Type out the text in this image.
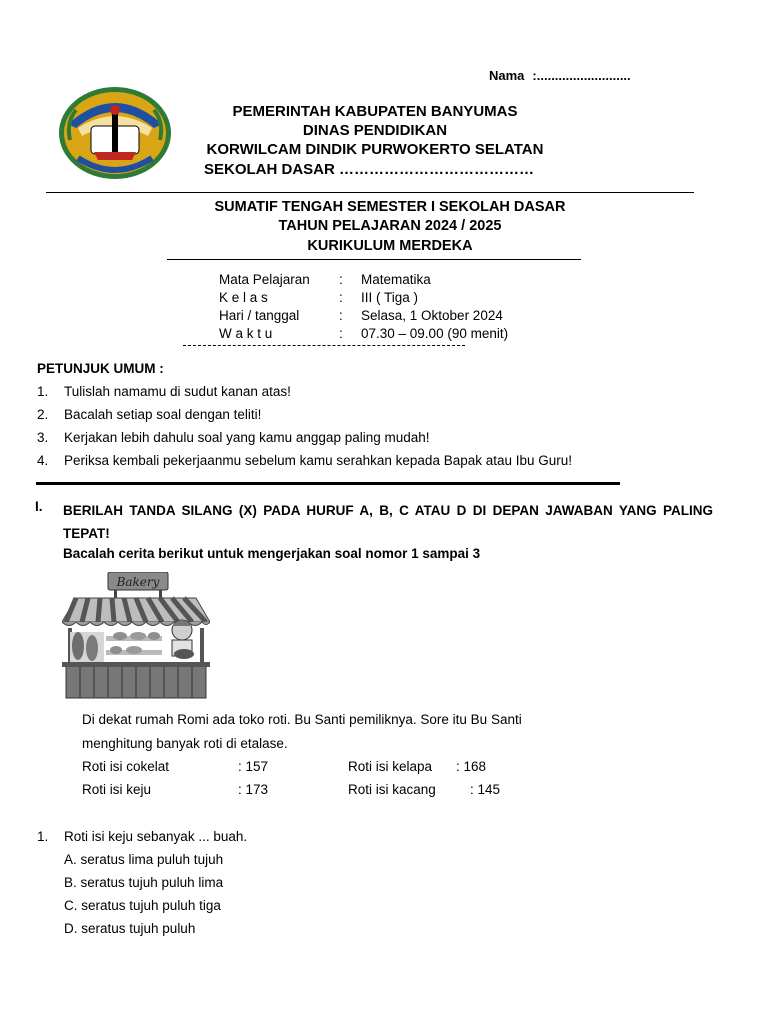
Nama :..........................
PEMERINTAH KABUPATEN BANYUMAS
DINAS PENDIDIKAN
KORWILCAM DINDIK PURWOKERTO SELATAN
SEKOLAH DASAR …………………………………
SUMATIF TENGAH SEMESTER I SEKOLAH DASAR
TAHUN PELAJARAN 2024 / 2025
KURIKULUM MERDEKA
Mata Pelajaran : Matematika
K e l a s	: III ( Tiga )
Hari / tanggal	: Selasa, 1 Oktober 2024
W a k t u	: 07.30 – 09.00 (90 menit)
PETUNJUK UMUM :
1. Tulislah namamu di sudut kanan atas!
2. Bacalah setiap soal dengan teliti!
3. Kerjakan lebih dahulu soal yang kamu anggap paling mudah!
4. Periksa kembali pekerjaanmu sebelum kamu serahkan kepada Bapak atau Ibu Guru!
I. BERILAH TANDA SILANG (X) PADA HURUF A, B, C ATAU D DI DEPAN JAWABAN YANG PALING TEPAT!
Bacalah cerita berikut untuk mengerjakan soal nomor 1 sampai 3
Bakery
Di dekat rumah Romi ada toko roti. Bu Santi pemiliknya. Sore itu Bu Santi
menghitung banyak roti di etalase.
Roti isi cokelat	: 157	Roti isi kelapa : 168
Roti isi keju	: 173	Roti isi kacang	: 145
1. Roti isi keju sebanyak ... buah.
A. seratus lima puluh tujuh
B. seratus tujuh puluh lima
C. seratus tujuh puluh tiga
D. seratus tujuh puluh
